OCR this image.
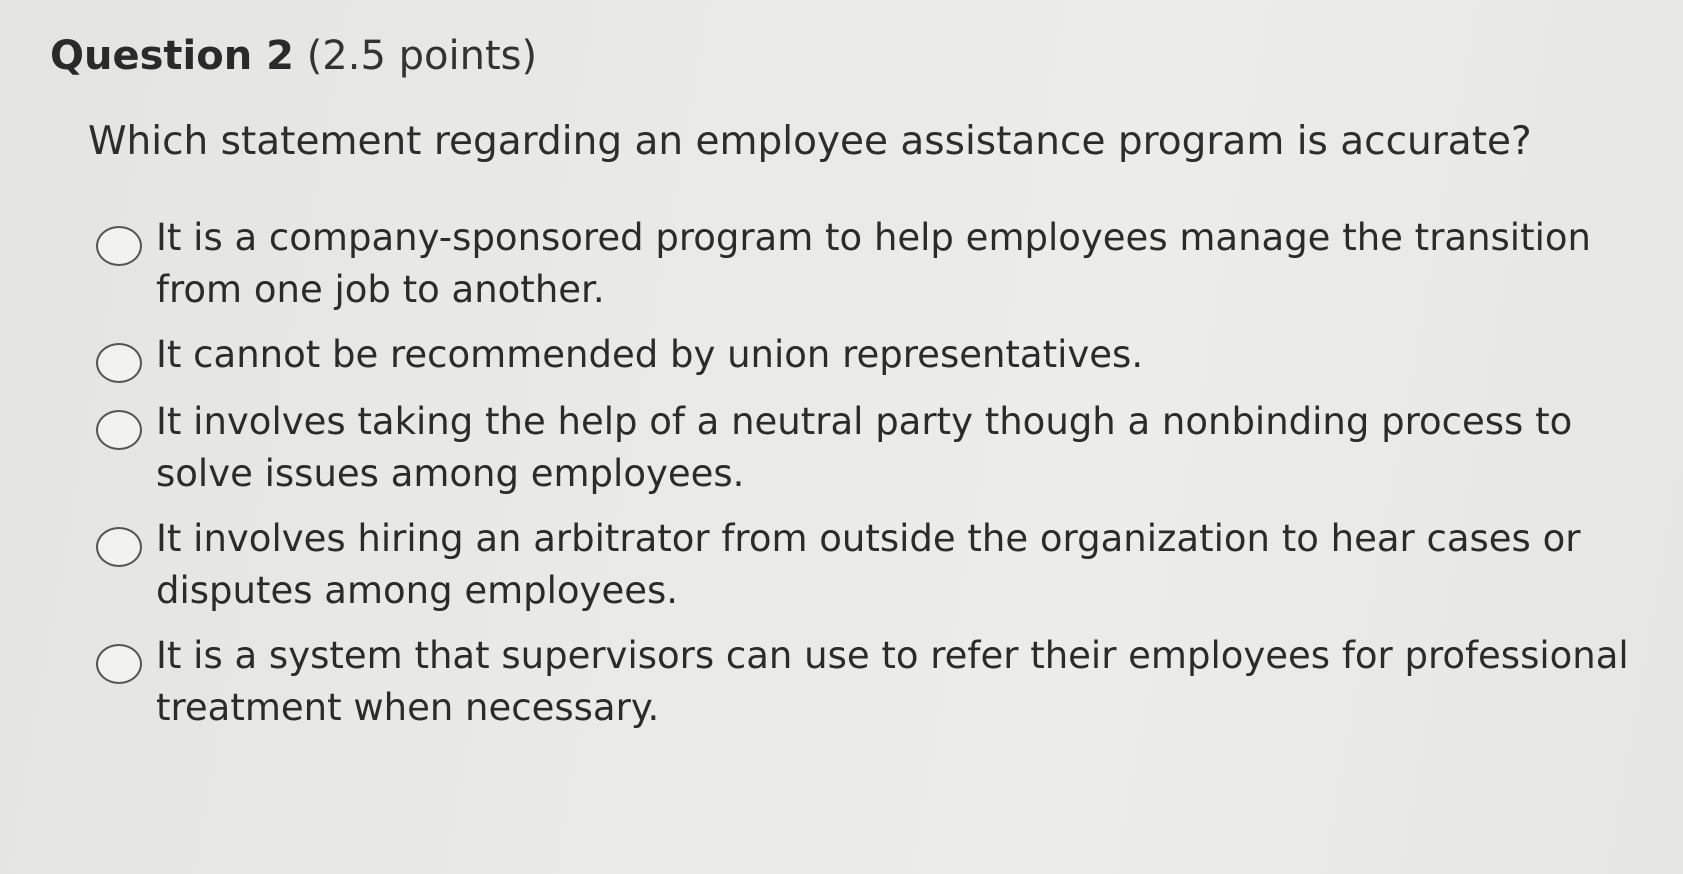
Question 2 (2.5 points)
Which statement regarding an employee assistance program is accurate?
It is a company-sponsored program to help employees manage the transition from one job to another.
It cannot be recommended by union representatives.
It involves taking the help of a neutral party though a nonbinding process to solve issues among employees.
It involves hiring an arbitrator from outside the organization to hear cases or disputes among employees.
It is a system that supervisors can use to refer their employees for professional treatment when necessary.
